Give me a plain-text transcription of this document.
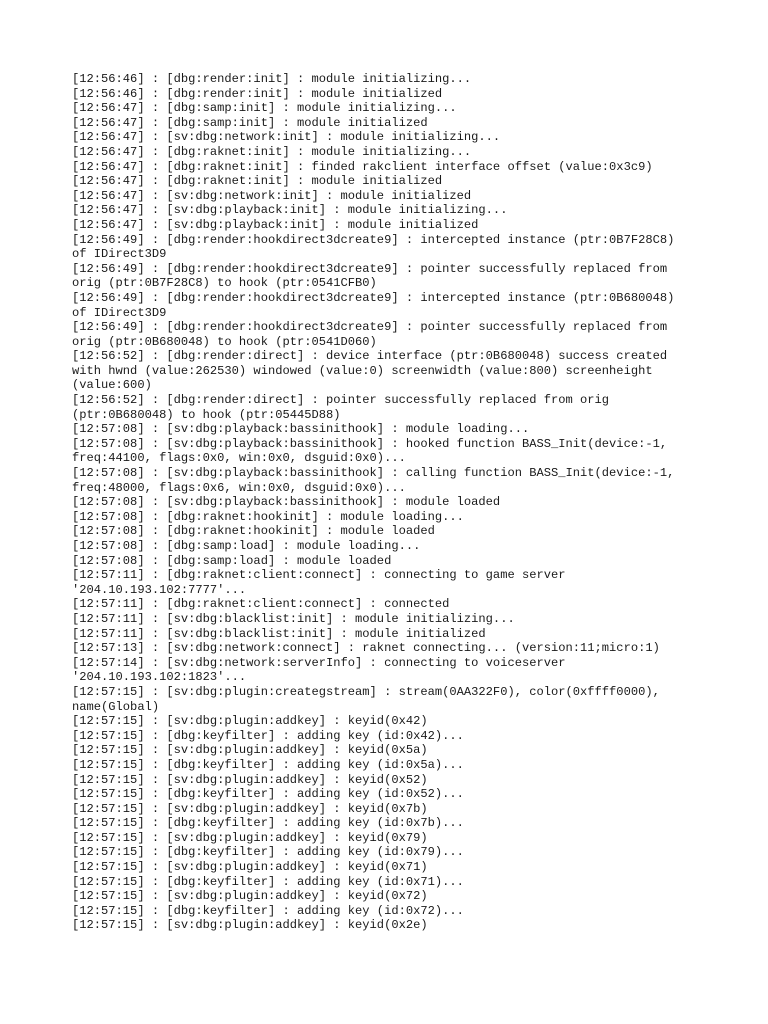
[12:56:46] : [dbg:render:init] : module initializing...
[12:56:46] : [dbg:render:init] : module initialized
[12:56:47] : [dbg:samp:init] : module initializing...
[12:56:47] : [dbg:samp:init] : module initialized
[12:56:47] : [sv:dbg:network:init] : module initializing...
[12:56:47] : [dbg:raknet:init] : module initializing...
[12:56:47] : [dbg:raknet:init] : finded rakclient interface offset (value:0x3c9)
[12:56:47] : [dbg:raknet:init] : module initialized
[12:56:47] : [sv:dbg:network:init] : module initialized
[12:56:47] : [sv:dbg:playback:init] : module initializing...
[12:56:47] : [sv:dbg:playback:init] : module initialized
[12:56:49] : [dbg:render:hookdirect3dcreate9] : intercepted instance (ptr:0B7F28C8)
of IDirect3D9
[12:56:49] : [dbg:render:hookdirect3dcreate9] : pointer successfully replaced from
orig (ptr:0B7F28C8) to hook (ptr:0541CFB0)
[12:56:49] : [dbg:render:hookdirect3dcreate9] : intercepted instance (ptr:0B680048)
of IDirect3D9
[12:56:49] : [dbg:render:hookdirect3dcreate9] : pointer successfully replaced from
orig (ptr:0B680048) to hook (ptr:0541D060)
[12:56:52] : [dbg:render:direct] : device interface (ptr:0B680048) success created
with hwnd (value:262530) windowed (value:0) screenwidth (value:800) screenheight
(value:600)
[12:56:52] : [dbg:render:direct] : pointer successfully replaced from orig
(ptr:0B680048) to hook (ptr:05445D88)
[12:57:08] : [sv:dbg:playback:bassinithook] : module loading...
[12:57:08] : [sv:dbg:playback:bassinithook] : hooked function BASS_Init(device:-1,
freq:44100, flags:0x0, win:0x0, dsguid:0x0)...
[12:57:08] : [sv:dbg:playback:bassinithook] : calling function BASS_Init(device:-1,
freq:48000, flags:0x6, win:0x0, dsguid:0x0)...
[12:57:08] : [sv:dbg:playback:bassinithook] : module loaded
[12:57:08] : [dbg:raknet:hookinit] : module loading...
[12:57:08] : [dbg:raknet:hookinit] : module loaded
[12:57:08] : [dbg:samp:load] : module loading...
[12:57:08] : [dbg:samp:load] : module loaded
[12:57:11] : [dbg:raknet:client:connect] : connecting to game server
'204.10.193.102:7777'...
[12:57:11] : [dbg:raknet:client:connect] : connected
[12:57:11] : [sv:dbg:blacklist:init] : module initializing...
[12:57:11] : [sv:dbg:blacklist:init] : module initialized
[12:57:13] : [sv:dbg:network:connect] : raknet connecting... (version:11;micro:1)
[12:57:14] : [sv:dbg:network:serverInfo] : connecting to voiceserver
'204.10.193.102:1823'...
[12:57:15] : [sv:dbg:plugin:creategstream] : stream(0AA322F0), color(0xffff0000),
name(Global)
[12:57:15] : [sv:dbg:plugin:addkey] : keyid(0x42)
[12:57:15] : [dbg:keyfilter] : adding key (id:0x42)...
[12:57:15] : [sv:dbg:plugin:addkey] : keyid(0x5a)
[12:57:15] : [dbg:keyfilter] : adding key (id:0x5a)...
[12:57:15] : [sv:dbg:plugin:addkey] : keyid(0x52)
[12:57:15] : [dbg:keyfilter] : adding key (id:0x52)...
[12:57:15] : [sv:dbg:plugin:addkey] : keyid(0x7b)
[12:57:15] : [dbg:keyfilter] : adding key (id:0x7b)...
[12:57:15] : [sv:dbg:plugin:addkey] : keyid(0x79)
[12:57:15] : [dbg:keyfilter] : adding key (id:0x79)...
[12:57:15] : [sv:dbg:plugin:addkey] : keyid(0x71)
[12:57:15] : [dbg:keyfilter] : adding key (id:0x71)...
[12:57:15] : [sv:dbg:plugin:addkey] : keyid(0x72)
[12:57:15] : [dbg:keyfilter] : adding key (id:0x72)...
[12:57:15] : [sv:dbg:plugin:addkey] : keyid(0x2e)
